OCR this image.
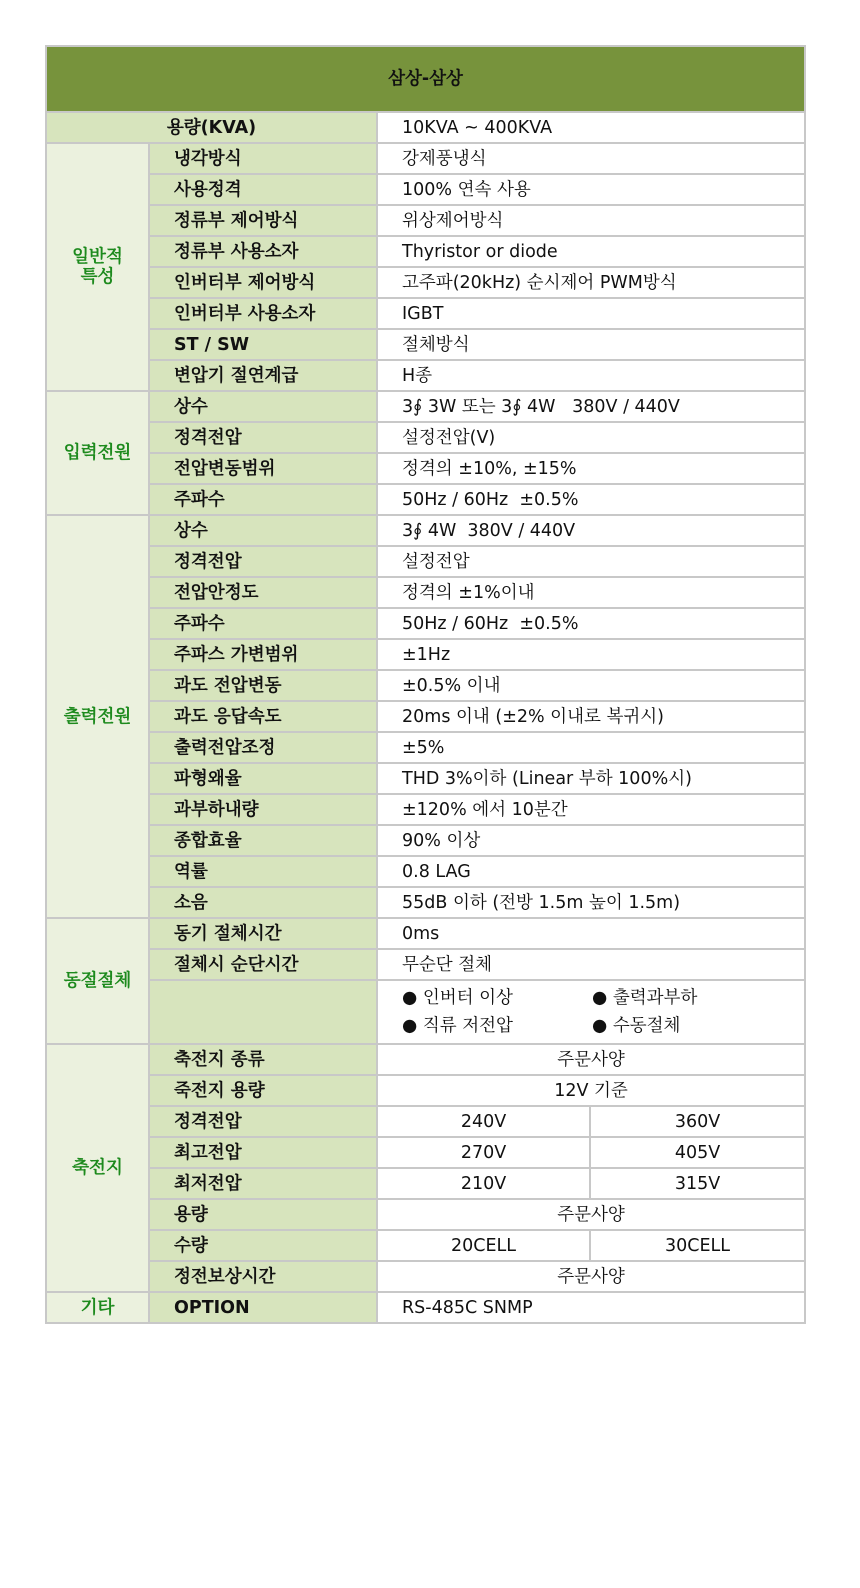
삼상-삼상			
용량(KVA)		10KVA ~ 400KVA	
일반적
특성	냉각방식	강제풍냉식	
	사용정격	100% 연속 사용	
	정류부 제어방식	위상제어방식	
	정류부 사용소자	Thyristor or diode	
	인버터부 제어방식	고주파(20kHz) 순시제어 PWM방식	
	인버터부 사용소자	IGBT	
	ST / SW	절체방식	
	변압기 절연계급	H종	
입력전원	상수	3∮ 3W 또는 3∮ 4W   380V / 440V	
	정격전압	설정전압(V)	
	전압변동범위	정격의 ±10%, ±15%	
	주파수	50Hz / 60Hz  ±0.5%	
출력전원	상수	3∮ 4W  380V / 440V	
	정격전압	설정전압	
	전압안정도	정격의 ±1%이내	
	주파수	50Hz / 60Hz  ±0.5%	
	주파스 가변범위	±1Hz	
	과도 전압변동	±0.5% 이내	
	과도 응답속도	20ms 이내 (±2% 이내로 복귀시)	
	출력전압조정	±5%	
	파형왜율	THD 3%이하 (Linear 부하 100%시)	
	과부하내량	±120% 에서 10분간	
	종합효율	90% 이상	
	역률	0.8 LAG	
	소음	55dB 이하 (전방 1.5m 높이 1.5m)	
동절절체	동기 절체시간	0ms	
	절체시 순단시간	무순단 절체	

		● 인버터 이상 ● 출력과부하
● 직류 저전압 ● 수동절체	

축전지	축전지 종류	주문사양	
	죽전지 용량	12V 기준	
	정격전압	240V	360V
	최고전압	270V	405V
	최저전압	210V	315V
	용량	주문사양	
	수량	20CELL	30CELL
	정전보상시간	주문사양	
기타	OPTION	RS-485C SNMP	
